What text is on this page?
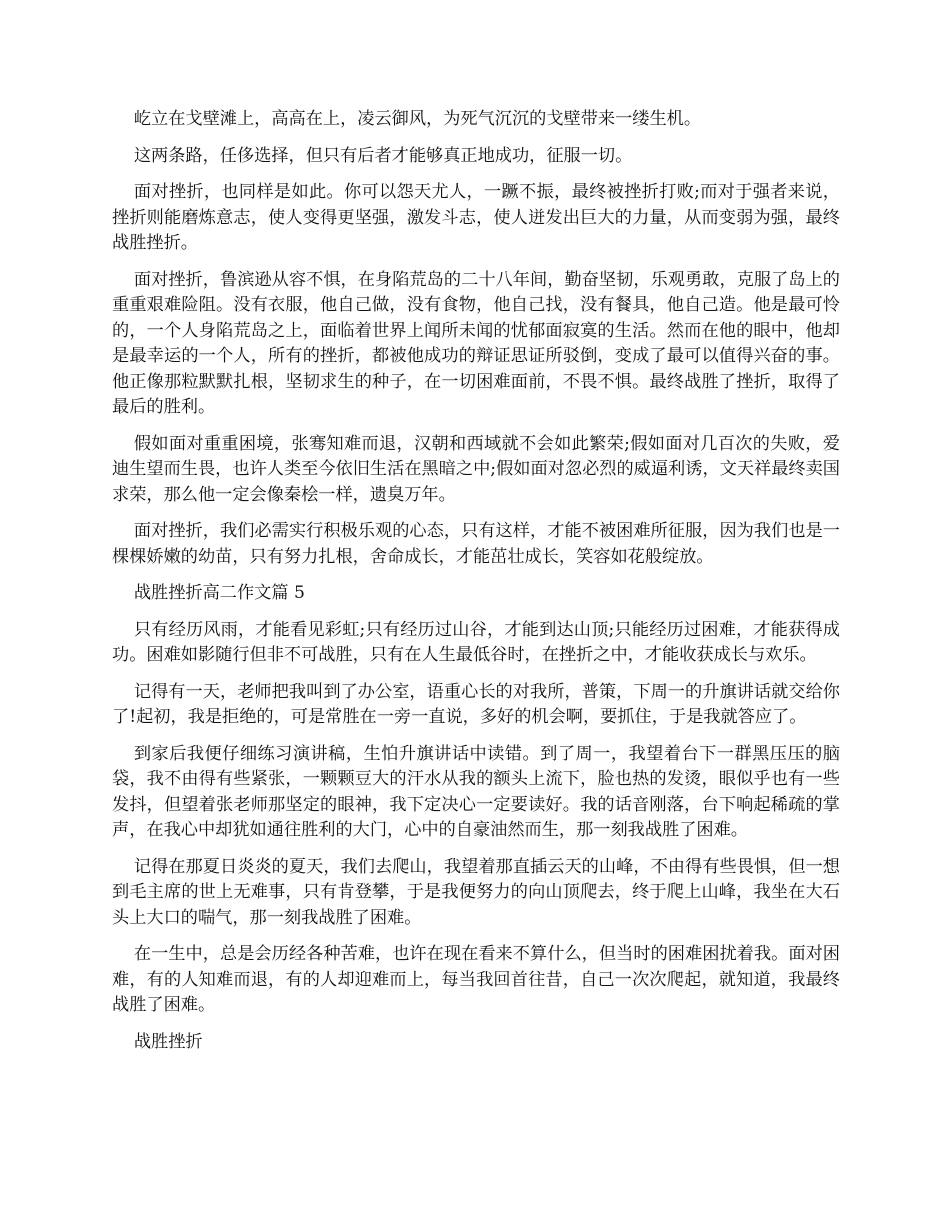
屹立在戈壁滩上，高高在上，凌云御风，为死气沉沉的戈壁带来一缕生机。

这两条路，任侈选择，但只有后者才能够真正地成功，征服一切。

面对挫折，也同样是如此。你可以怨天尤人，一蹶不振，最终被挫折打败;而对于强者来说，挫折则能磨炼意志，使人变得更坚强，激发斗志，使人迸发出巨大的力量，从而变弱为强，最终战胜挫折。

面对挫折，鲁滨逊从容不惧，在身陷荒岛的二十八年间，勤奋坚韧，乐观勇敢，克服了岛上的重重艰难险阻。没有衣服，他自己做，没有食物，他自己找，没有餐具，他自己造。他是最可怜的，一个人身陷荒岛之上，面临着世界上闻所未闻的忧郁面寂寞的生活。然而在他的眼中，他却是最幸运的一个人，所有的挫折，都被他成功的辩证思证所驳倒，变成了最可以值得兴奋的事。他正像那粒默默扎根，坚韧求生的种子，在一切困难面前，不畏不惧。最终战胜了挫折，取得了最后的胜利。

假如面对重重困境，张骞知难而退，汉朝和西域就不会如此繁荣;假如面对几百次的失败，爱迪生望而生畏，也许人类至今依旧生活在黑暗之中;假如面对忽必烈的威逼利诱，文天祥最终卖国求荣，那么他一定会像秦桧一样，遗臭万年。

面对挫折，我们必需实行积极乐观的心态，只有这样，才能不被困难所征服，因为我们也是一棵棵娇嫩的幼苗，只有努力扎根，舍命成长，才能茁壮成长，笑容如花般绽放。

战胜挫折高二作文篇 5

只有经历风雨，才能看见彩虹;只有经历过山谷，才能到达山顶;只能经历过困难，才能获得成功。困难如影随行但非不可战胜，只有在人生最低谷时，在挫折之中，才能收获成长与欢乐。

记得有一天，老师把我叫到了办公室，语重心长的对我所，普策，下周一的升旗讲话就交给你了!起初，我是拒绝的，可是常胜在一旁一直说，多好的机会啊，要抓住，于是我就答应了。

到家后我便仔细练习演讲稿，生怕升旗讲话中读错。到了周一，我望着台下一群黑压压的脑袋，我不由得有些紧张，一颗颗豆大的汗水从我的额头上流下，脸也热的发烫，眼似乎也有一些发抖，但望着张老师那坚定的眼神，我下定决心一定要读好。我的话音刚落，台下响起稀疏的掌声，在我心中却犹如通往胜利的大门，心中的自豪油然而生，那一刻我战胜了困难。

记得在那夏日炎炎的夏天，我们去爬山，我望着那直插云天的山峰，不由得有些畏惧，但一想到毛主席的世上无难事，只有肯登攀，于是我便努力的向山顶爬去，终于爬上山峰，我坐在大石头上大口的喘气，那一刻我战胜了困难。

在一生中，总是会历经各种苦难，也许在现在看来不算什么，但当时的困难困扰着我。面对困难，有的人知难而退，有的人却迎难而上，每当我回首往昔，自己一次次爬起，就知道，我最终战胜了困难。

战胜挫折
